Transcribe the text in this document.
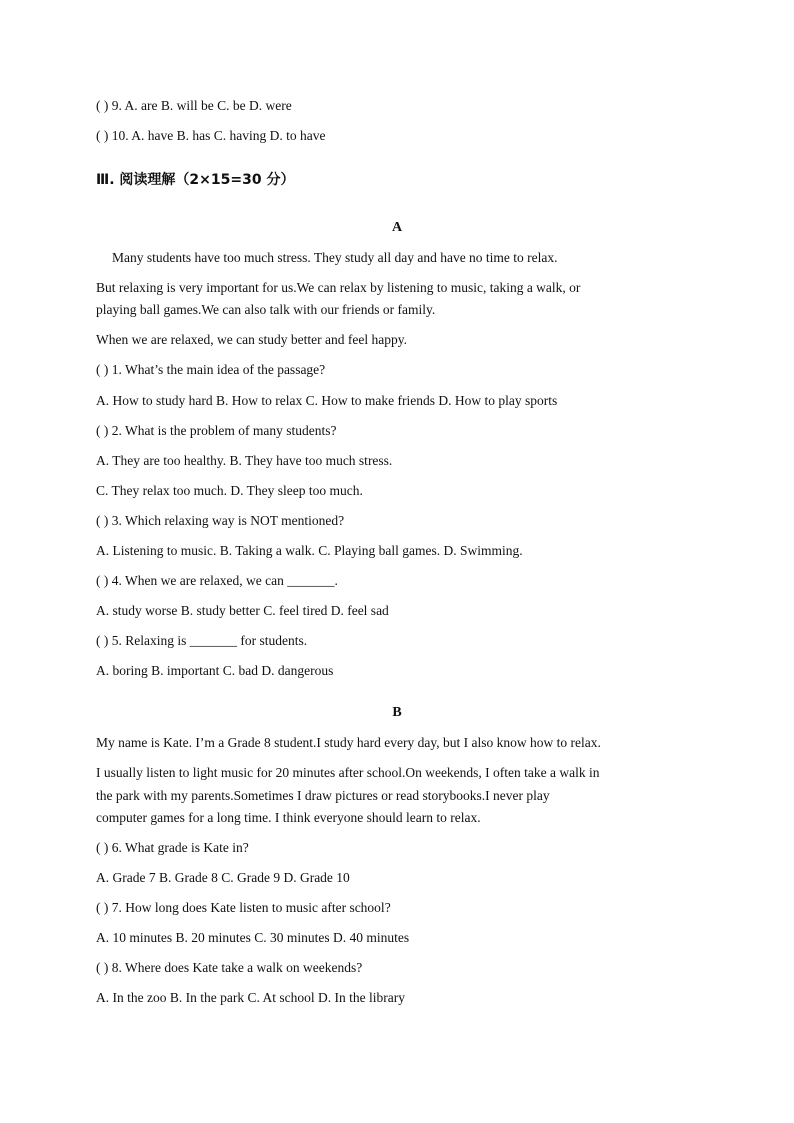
( ) 9. A. are B. will be C. be D. were
( ) 10. A. have B. has C. having D. to have
Ⅲ. 阅读理解（2×15=30 分）
A
Many students have too much stress. They study all day and have no time to relax.
But relaxing is very important for us.We can relax by listening to music, taking a walk, or
playing ball games.We can also talk with our friends or family.
When we are relaxed, we can study better and feel happy.
( ) 1. What’s the main idea of the passage?
A. How to study hard B. How to relax C. How to make friends D. How to play sports
( ) 2. What is the problem of many students?
A. They are too healthy. B. They have too much stress.
C. They relax too much. D. They sleep too much.
( ) 3. Which relaxing way is NOT mentioned?
A. Listening to music. B. Taking a walk. C. Playing ball games. D. Swimming.
( ) 4. When we are relaxed, we can _______.
A. study worse B. study better C. feel tired D. feel sad
( ) 5. Relaxing is _______ for students.
A. boring B. important C. bad D. dangerous
B
My name is Kate. I’m a Grade 8 student.I study hard every day, but I also know how to relax.
I usually listen to light music for 20 minutes after school.On weekends, I often take a walk in
the park with my parents.Sometimes I draw pictures or read storybooks.I never play
computer games for a long time. I think everyone should learn to relax.
( ) 6. What grade is Kate in?
A. Grade 7 B. Grade 8 C. Grade 9 D. Grade 10
( ) 7. How long does Kate listen to music after school?
A. 10 minutes B. 20 minutes C. 30 minutes D. 40 minutes
( ) 8. Where does Kate take a walk on weekends?
A. In the zoo B. In the park C. At school D. In the library
